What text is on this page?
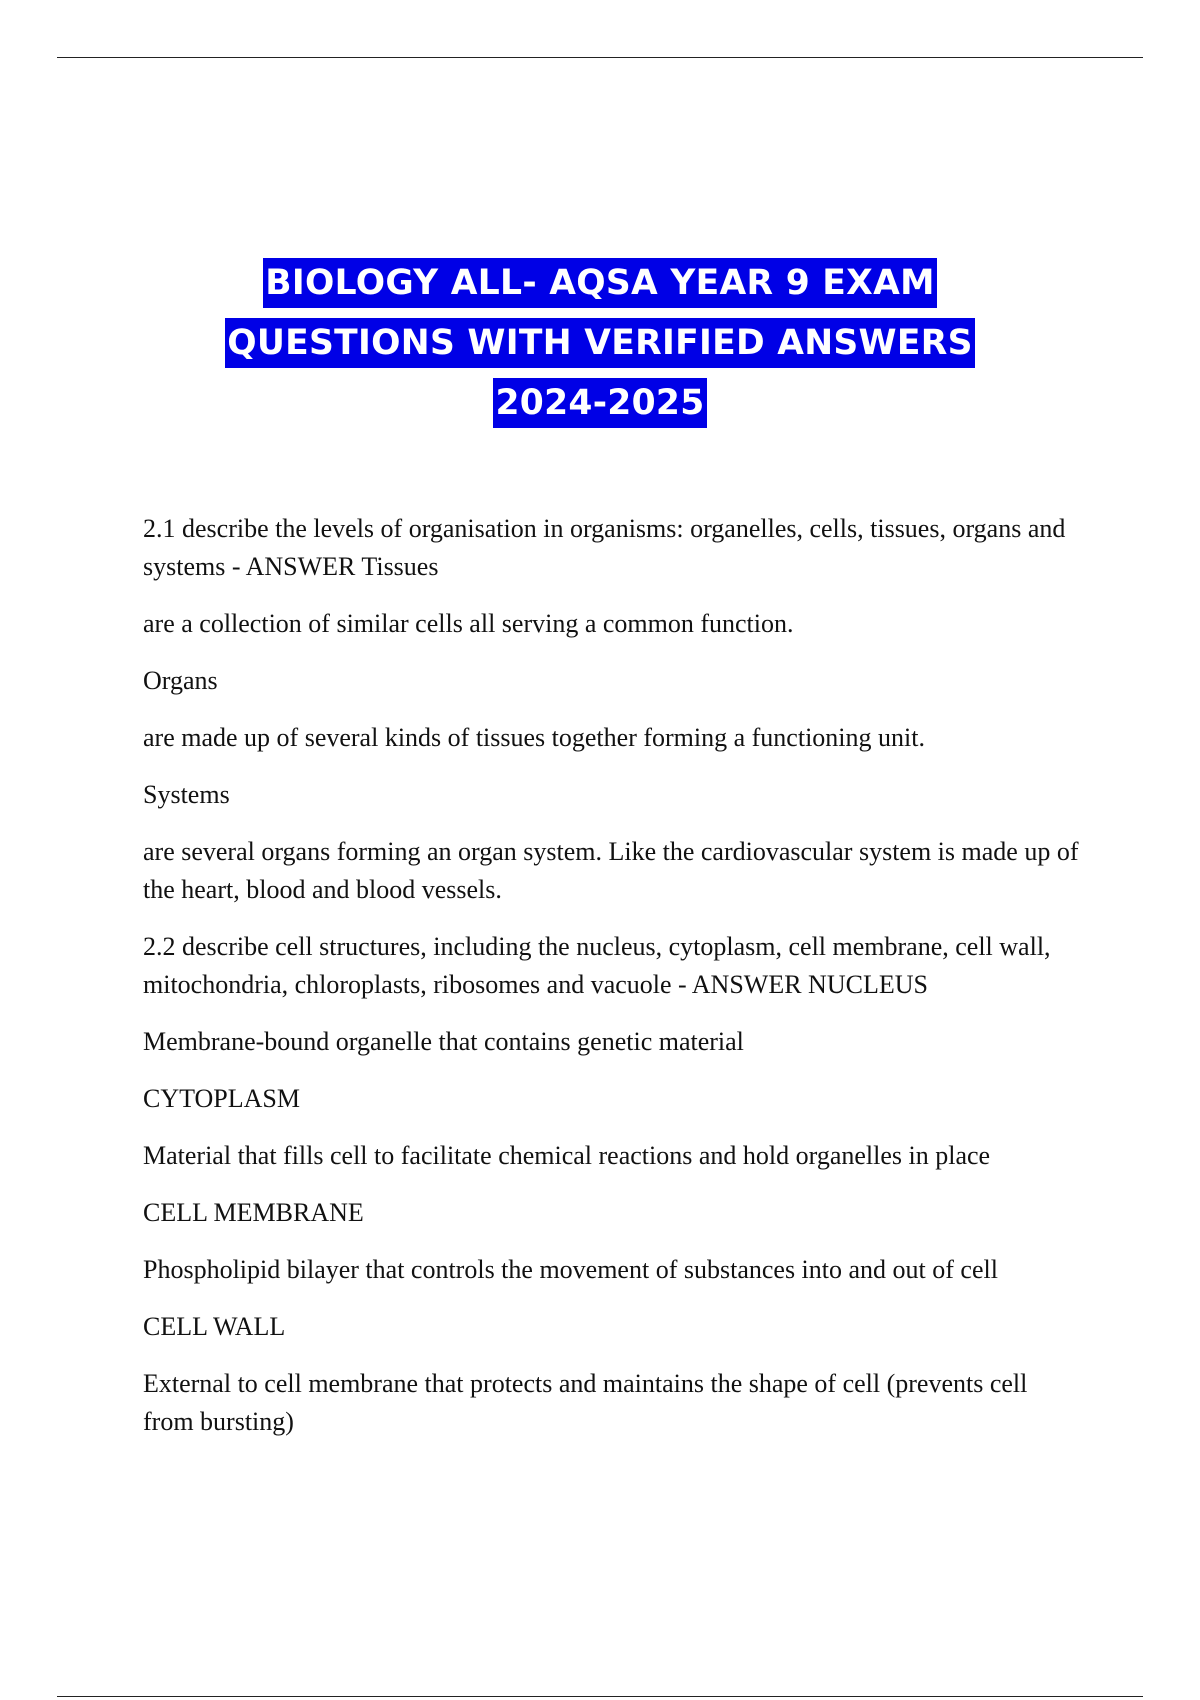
BIOLOGY ALL- AQSA YEAR 9 EXAM
QUESTIONS WITH VERIFIED ANSWERS
2024-2025

2.1 describe the levels of organisation in organisms: organelles, cells, tissues, organs and systems - ANSWER Tissues

are a collection of similar cells all serving a common function.

Organs

are made up of several kinds of tissues together forming a functioning unit.

Systems

are several organs forming an organ system. Like the cardiovascular system is made up of the heart, blood and blood vessels.

2.2 describe cell structures, including the nucleus, cytoplasm, cell membrane, cell wall, mitochondria, chloroplasts, ribosomes and vacuole - ANSWER NUCLEUS

Membrane-bound organelle that contains genetic material

CYTOPLASM

Material that fills cell to facilitate chemical reactions and hold organelles in place

CELL MEMBRANE

Phospholipid bilayer that controls the movement of substances into and out of cell

CELL WALL

External to cell membrane that protects and maintains the shape of cell (prevents cell from bursting)
